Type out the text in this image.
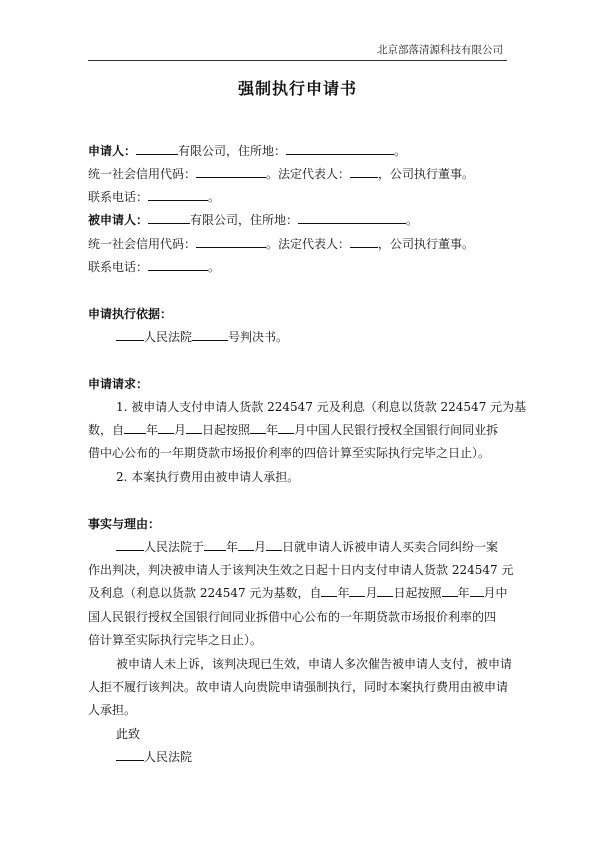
北京部落清源科技有限公司
强制执行申请书
申请人：	有限公司，住所地：	。
统一社会信用代码：	。法定代表人： ，公司执行董事。
联系电话：	。
被申请人：	有限公司，住所地：	。
统一社会信用代码：	。法定代表人： ，公司执行董事。
联系电话：	。
申请执行依据：
人民法院	号判决书。
申请请求：
1. 被申请人支付申请人货款 224547 元及利息（利息以货款 224547 元为基
数，自 年 月 日起按照 年 月中国人民银行授权全国银行间同业拆
借中心公布的一年期贷款市场报价利率的四倍计算至实际执行完毕之日止）。
2. 本案执行费用由被申请人承担。
事实与理由：
人民法院于 年 月 日就申请人诉被申请人买卖合同纠纷一案
作出判决，判决被申请人于该判决生效之日起十日内支付申请人货款 224547 元
及利息（利息以货款 224547 元为基数，自 年 月 日起按照 年 月中
国人民银行授权全国银行间同业拆借中心公布的一年期贷款市场报价利率的四
倍计算至实际执行完毕之日止）。
被申请人未上诉，该判决现已生效，申请人多次催告被申请人支付，被申请
人拒不履行该判决。故申请人向贵院申请强制执行，同时本案执行费用由被申请
人承担。
此致
人民法院
